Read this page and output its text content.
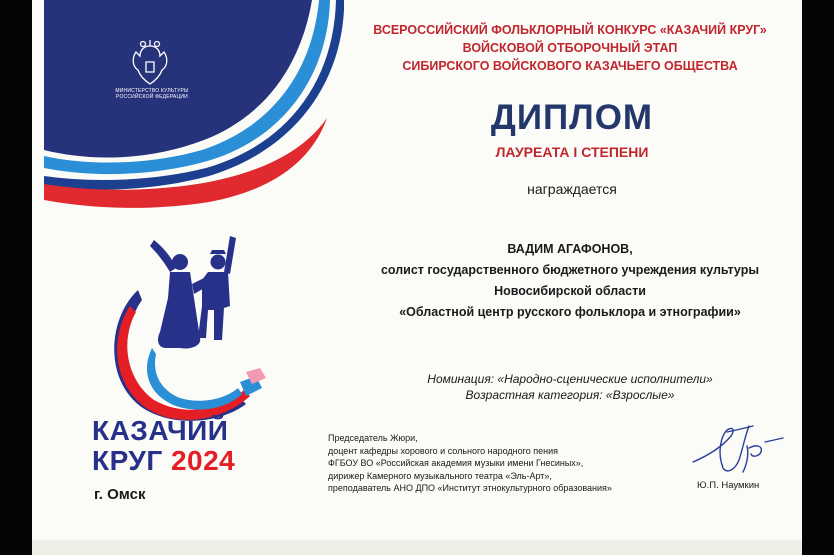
МИНИСТЕРСТВО КУЛЬТУРЫ РОССИЙСКОЙ ФЕДЕРАЦИИ
ВСЕРОССИЙСКИЙ ФОЛЬКЛОРНЫЙ КОНКУРС «КАЗАЧИЙ КРУГ»
ВОЙСКОВОЙ ОТБОРОЧНЫЙ ЭТАП
СИБИРСКОГО ВОЙСКОВОГО КАЗАЧЬЕГО ОБЩЕСТВА
ДИПЛОМ
ЛАУРЕАТА I СТЕПЕНИ
награждается
ВАДИМ АГАФОНОВ,
солист государственного бюджетного учреждения культуры
Новосибирской области
«Областной центр русского фольклора и этнографии»
Номинация: «Народно-сценические исполнители»
Возрастная категория: «Взрослые»
КАЗАЧИЙ
КРУГ 2024
г. Омск
Председатель Жюри,
доцент кафедры хорового и сольного народного пения
ФГБОУ ВО «Российская академия музыки имени Гнесиных»,
дирижер Камерного музыкального театра «Эль-Арт»,
преподаватель АНО ДПО «Институт этнокультурного образования»	Ю.П. Наумкин
